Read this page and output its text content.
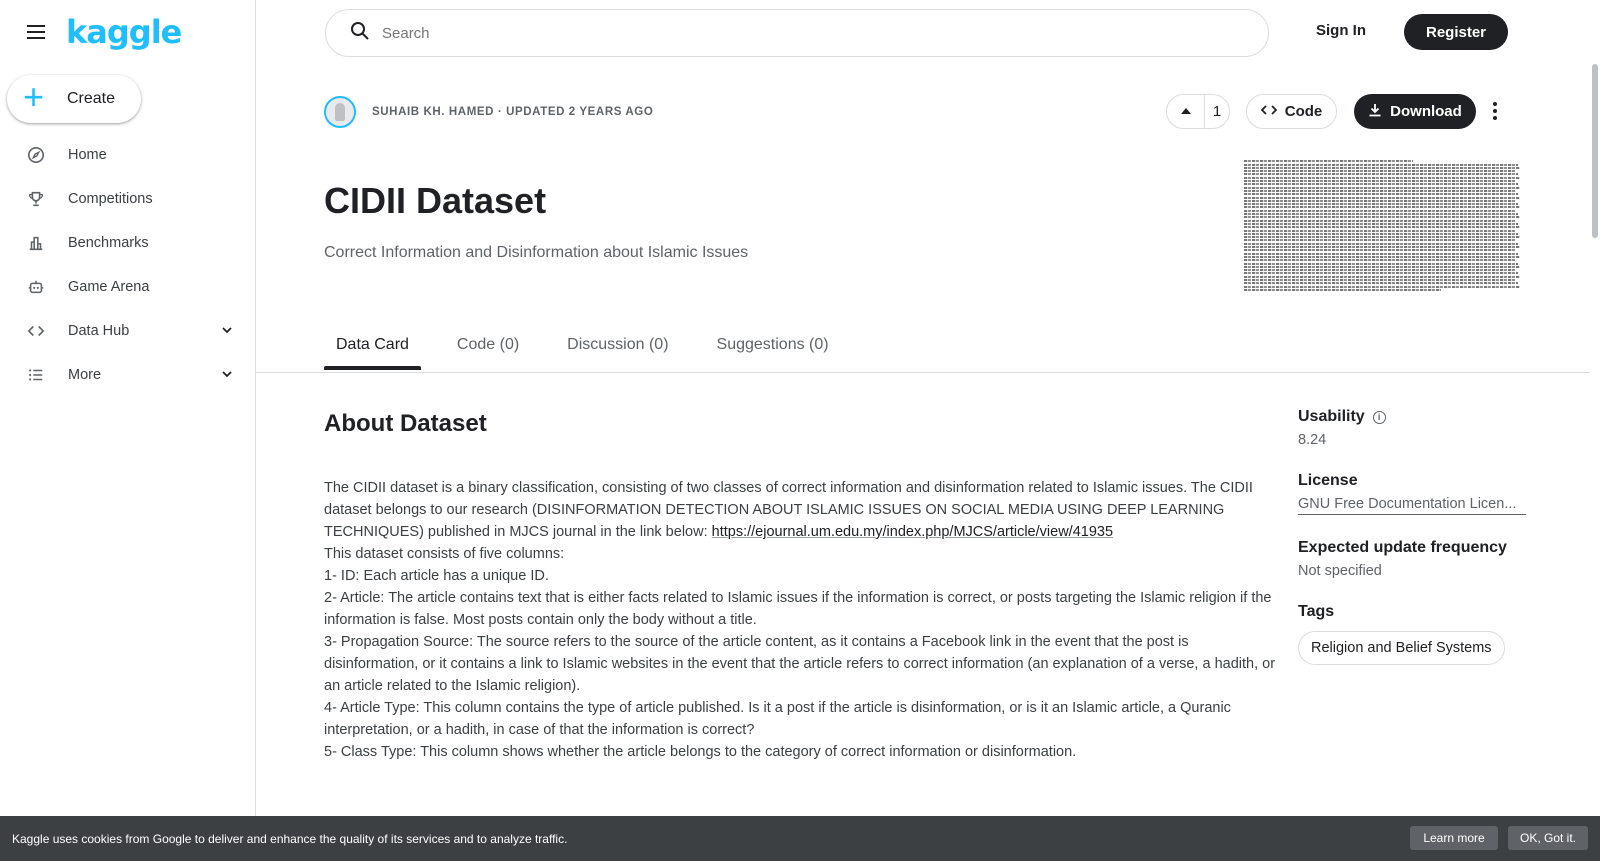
kaggle
+	Create
Home
Competitions
Benchmarks
Game Arena
Data Hub
More
Search
Sign In	Register
SUHAIB KH. HAMED · UPDATED 2 YEARS AGO	1	Code	Download
CIDII Dataset
Correct Information and Disinformation about Islamic Issues
Data Card	Code (0)	Discussion (0)	Suggestions (0)
About Dataset
The CIDII dataset is a binary classification, consisting of two classes of correct information and disinformation related to Islamic issues. The CIDII dataset belongs to our research (DISINFORMATION DETECTION ABOUT ISLAMIC ISSUES ON SOCIAL MEDIA USING DEEP LEARNING TECHNIQUES) published in MJCS journal in the link below: https://ejournal.um.edu.my/index.php/MJCS/article/view/41935
This dataset consists of five columns:
1- ID: Each article has a unique ID.
2- Article: The article contains text that is either facts related to Islamic issues if the information is correct, or posts targeting the Islamic religion if the information is false. Most posts contain only the body without a title.
3- Propagation Source: The source refers to the source of the article content, as it contains a Facebook link in the event that the post is disinformation, or it contains a link to Islamic websites in the event that the article refers to correct information (an explanation of a verse, a hadith, or an article related to the Islamic religion).
4- Article Type: This column contains the type of article published. Is it a post if the article is disinformation, or is it an Islamic article, a Quranic interpretation, or a hadith, in case of that the information is correct?
5- Class Type: This column shows whether the article belongs to the category of correct information or disinformation.
Usability	i
8.24
License
GNU Free Documentation Licen...
Expected update frequency
Not specified
Tags
Religion and Belief Systems
Kaggle uses cookies from Google to deliver and enhance the quality of its services and to analyze traffic.	Learn more	OK, Got it.
